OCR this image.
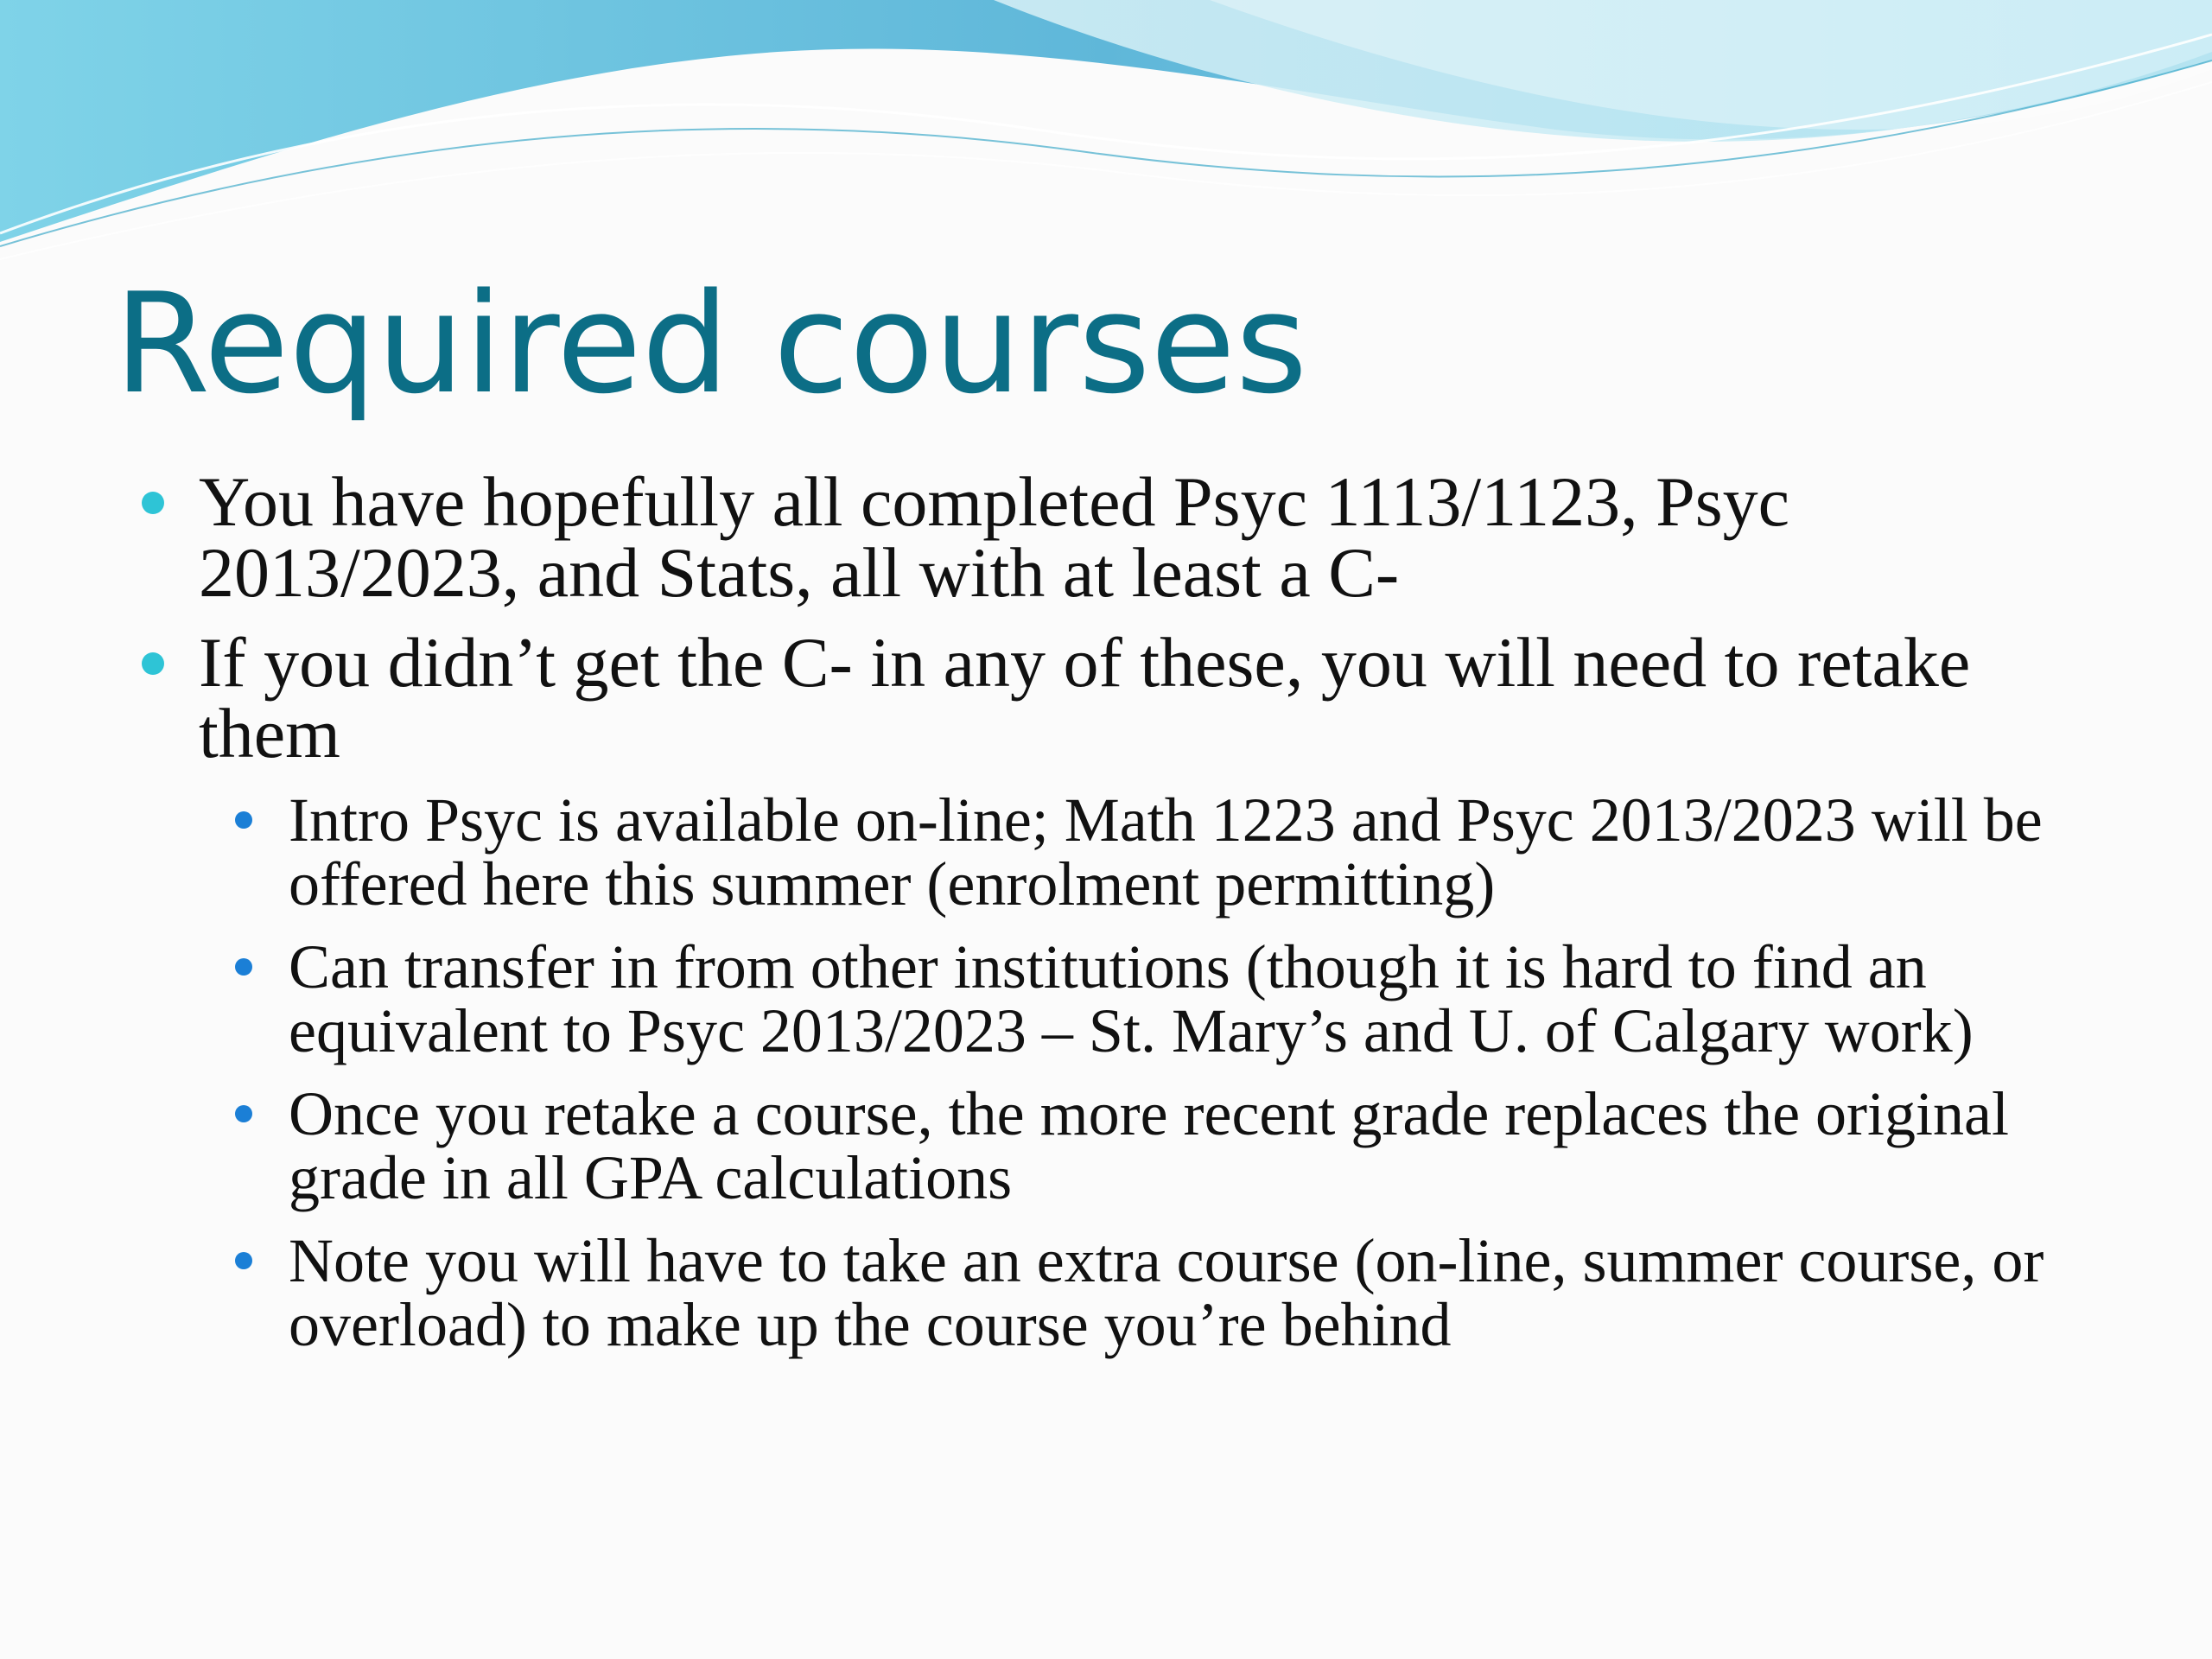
Required courses
You have hopefully all completed Psyc 1113/1123, Psyc 2013/2023, and Stats, all with at least a C-
If you didn’t get the C- in any of these, you will need to retake them
Intro Psyc is available on-line; Math 1223 and Psyc 2013/2023 will be offered here this summer (enrolment permitting)
Can transfer in from other institutions (though it is hard to find an equivalent to Psyc 2013/2023 – St. Mary’s and U. of Calgary work)
Once you retake a course, the more recent grade replaces the original grade in all GPA calculations
Note you will have to take an extra course (on-line, summer course, or overload) to make up the course you’re behind
